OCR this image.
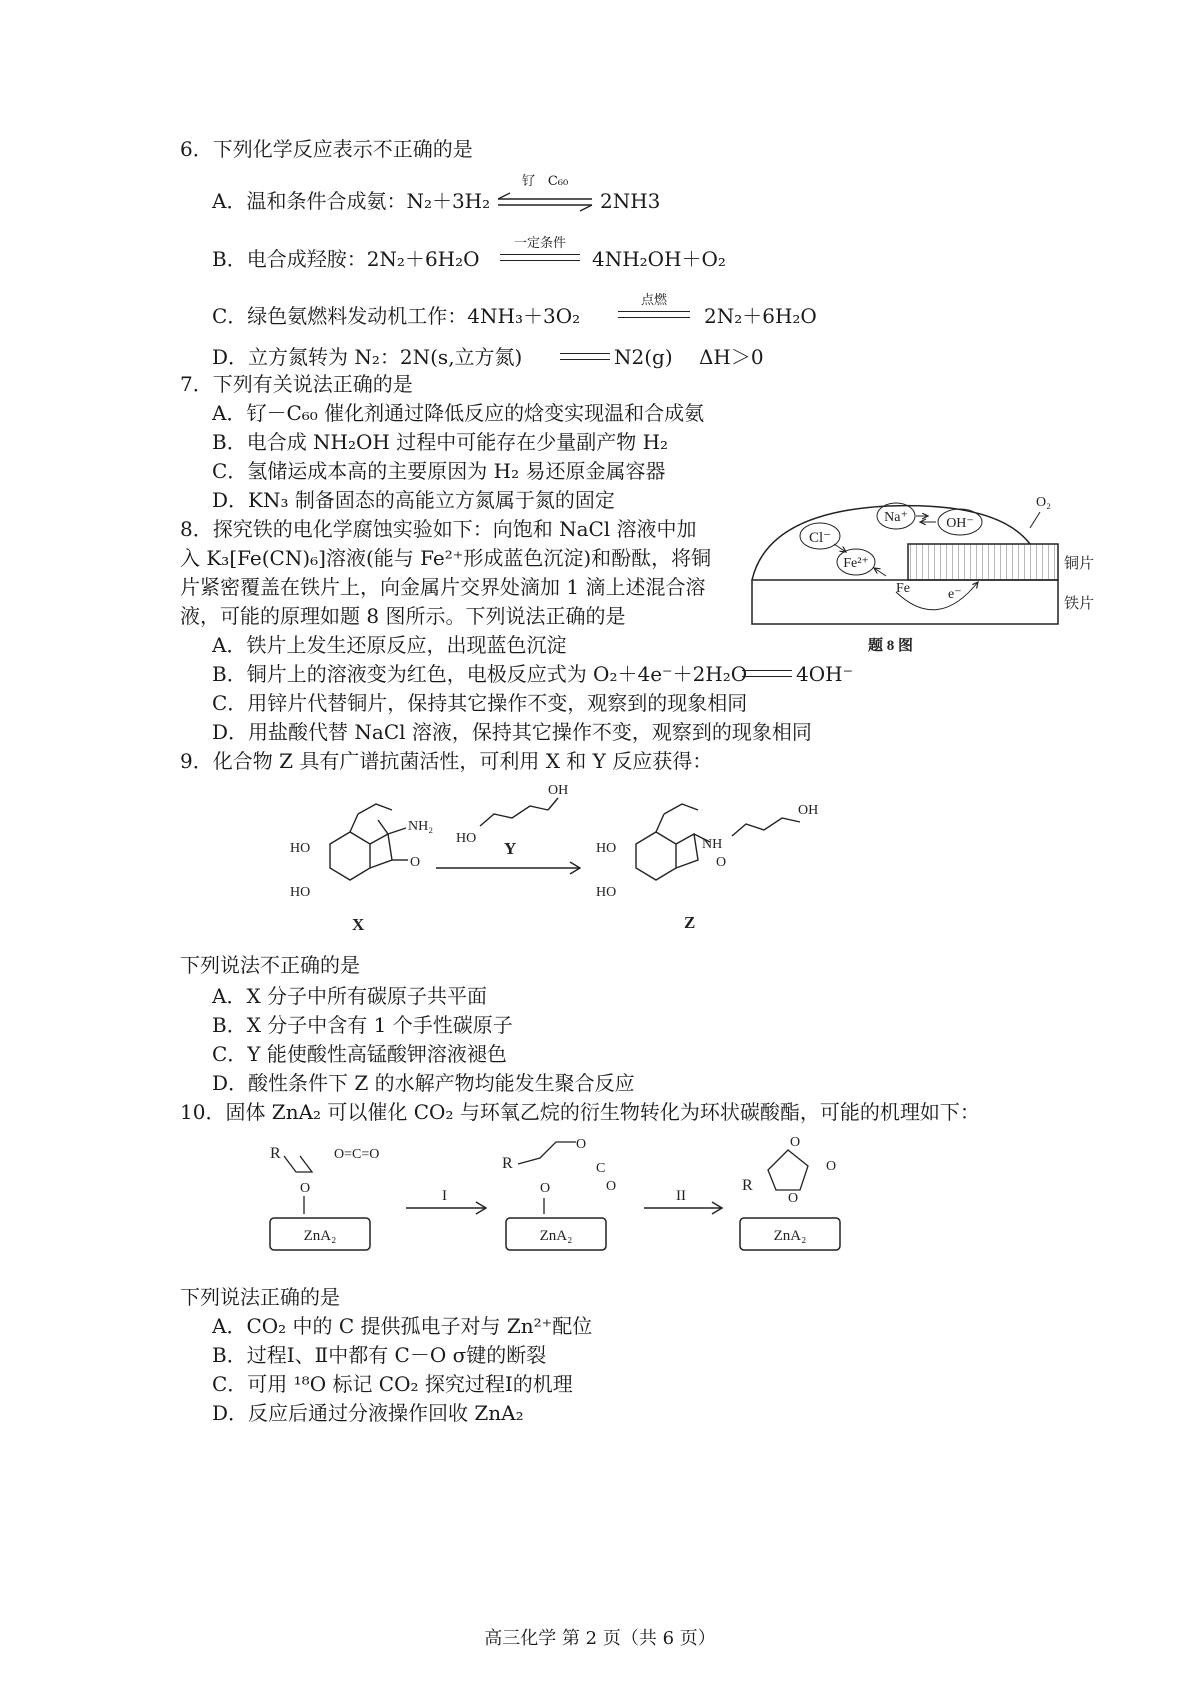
6．下列化学反应表示不正确的是
A．温和条件合成氨：N₂＋3H₂
钌　C₆₀
2NH3
B．电合成羟胺：2N₂＋6H₂O
一定条件
4NH₂OH＋O₂
C．绿色氨燃料发动机工作：4NH₃＋3O₂
点燃
2N₂＋6H₂O
D．立方氮转为 N₂：2N(s,立方氮)	N2(g)　 ΔH＞0
7．下列有关说法正确的是
A．钌－C₆₀ 催化剂通过降低反应的焓变实现温和合成氨
B．电合成 NH₂OH 过程中可能存在少量副产物 H₂
C．氢储运成本高的主要原因为 H₂ 易还原金属容器
D．KN₃ 制备固态的高能立方氮属于氮的固定
8．探究铁的电化学腐蚀实验如下：向饱和 NaCl 溶液中加
入 K₃[Fe(CN)₆]溶液(能与 Fe²⁺形成蓝色沉淀)和酚酞，将铜
片紧密覆盖在铁片上，向金属片交界处滴加 1 滴上述混合溶
液，可能的原理如题 8 图所示。下列说法正确的是
A．铁片上发生还原反应，出现蓝色沉淀
B．铜片上的溶液变为红色，电极反应式为 O₂＋4e⁻＋2H₂O 4OH⁻
C．用锌片代替铜片，保持其它操作不变，观察到的现象相同
D．用盐酸代替 NaCl 溶液，保持其它操作不变，观察到的现象相同
Cl⁻
Fe²⁺
Na⁺	OH⁻
Fe	e⁻
O₂
铜片
铁片
题 8 图
9．化合物 Z 具有广谱抗菌活性，可利用 X 和 Y 反应获得：
HO
HO
NH₂
O
X
HO
OH
Y	HO
HO
NH
O
OH
Z
下列说法不正确的是
A．X 分子中所有碳原子共平面
B．X 分子中含有 1 个手性碳原子
C．Y 能使酸性高锰酸钾溶液褪色
D．酸性条件下 Z 的水解产物均能发生聚合反应
10．固体 ZnA₂ 可以催化 CO₂ 与环氧乙烷的衍生物转化为环状碳酸酯，可能的机理如下：
R
O
O=C=O
ZnA₂
I
R
O
C
O
O
ZnA₂
II
R
O
O
O
ZnA₂
下列说法正确的是
A．CO₂ 中的 C 提供孤电子对与 Zn²⁺配位
B．过程Ⅰ、Ⅱ中都有 C－O σ键的断裂
C．可用 ¹⁸O 标记 CO₂ 探究过程Ⅰ的机理
D．反应后通过分液操作回收 ZnA₂
高三化学 第 2 页（共 6 页）
